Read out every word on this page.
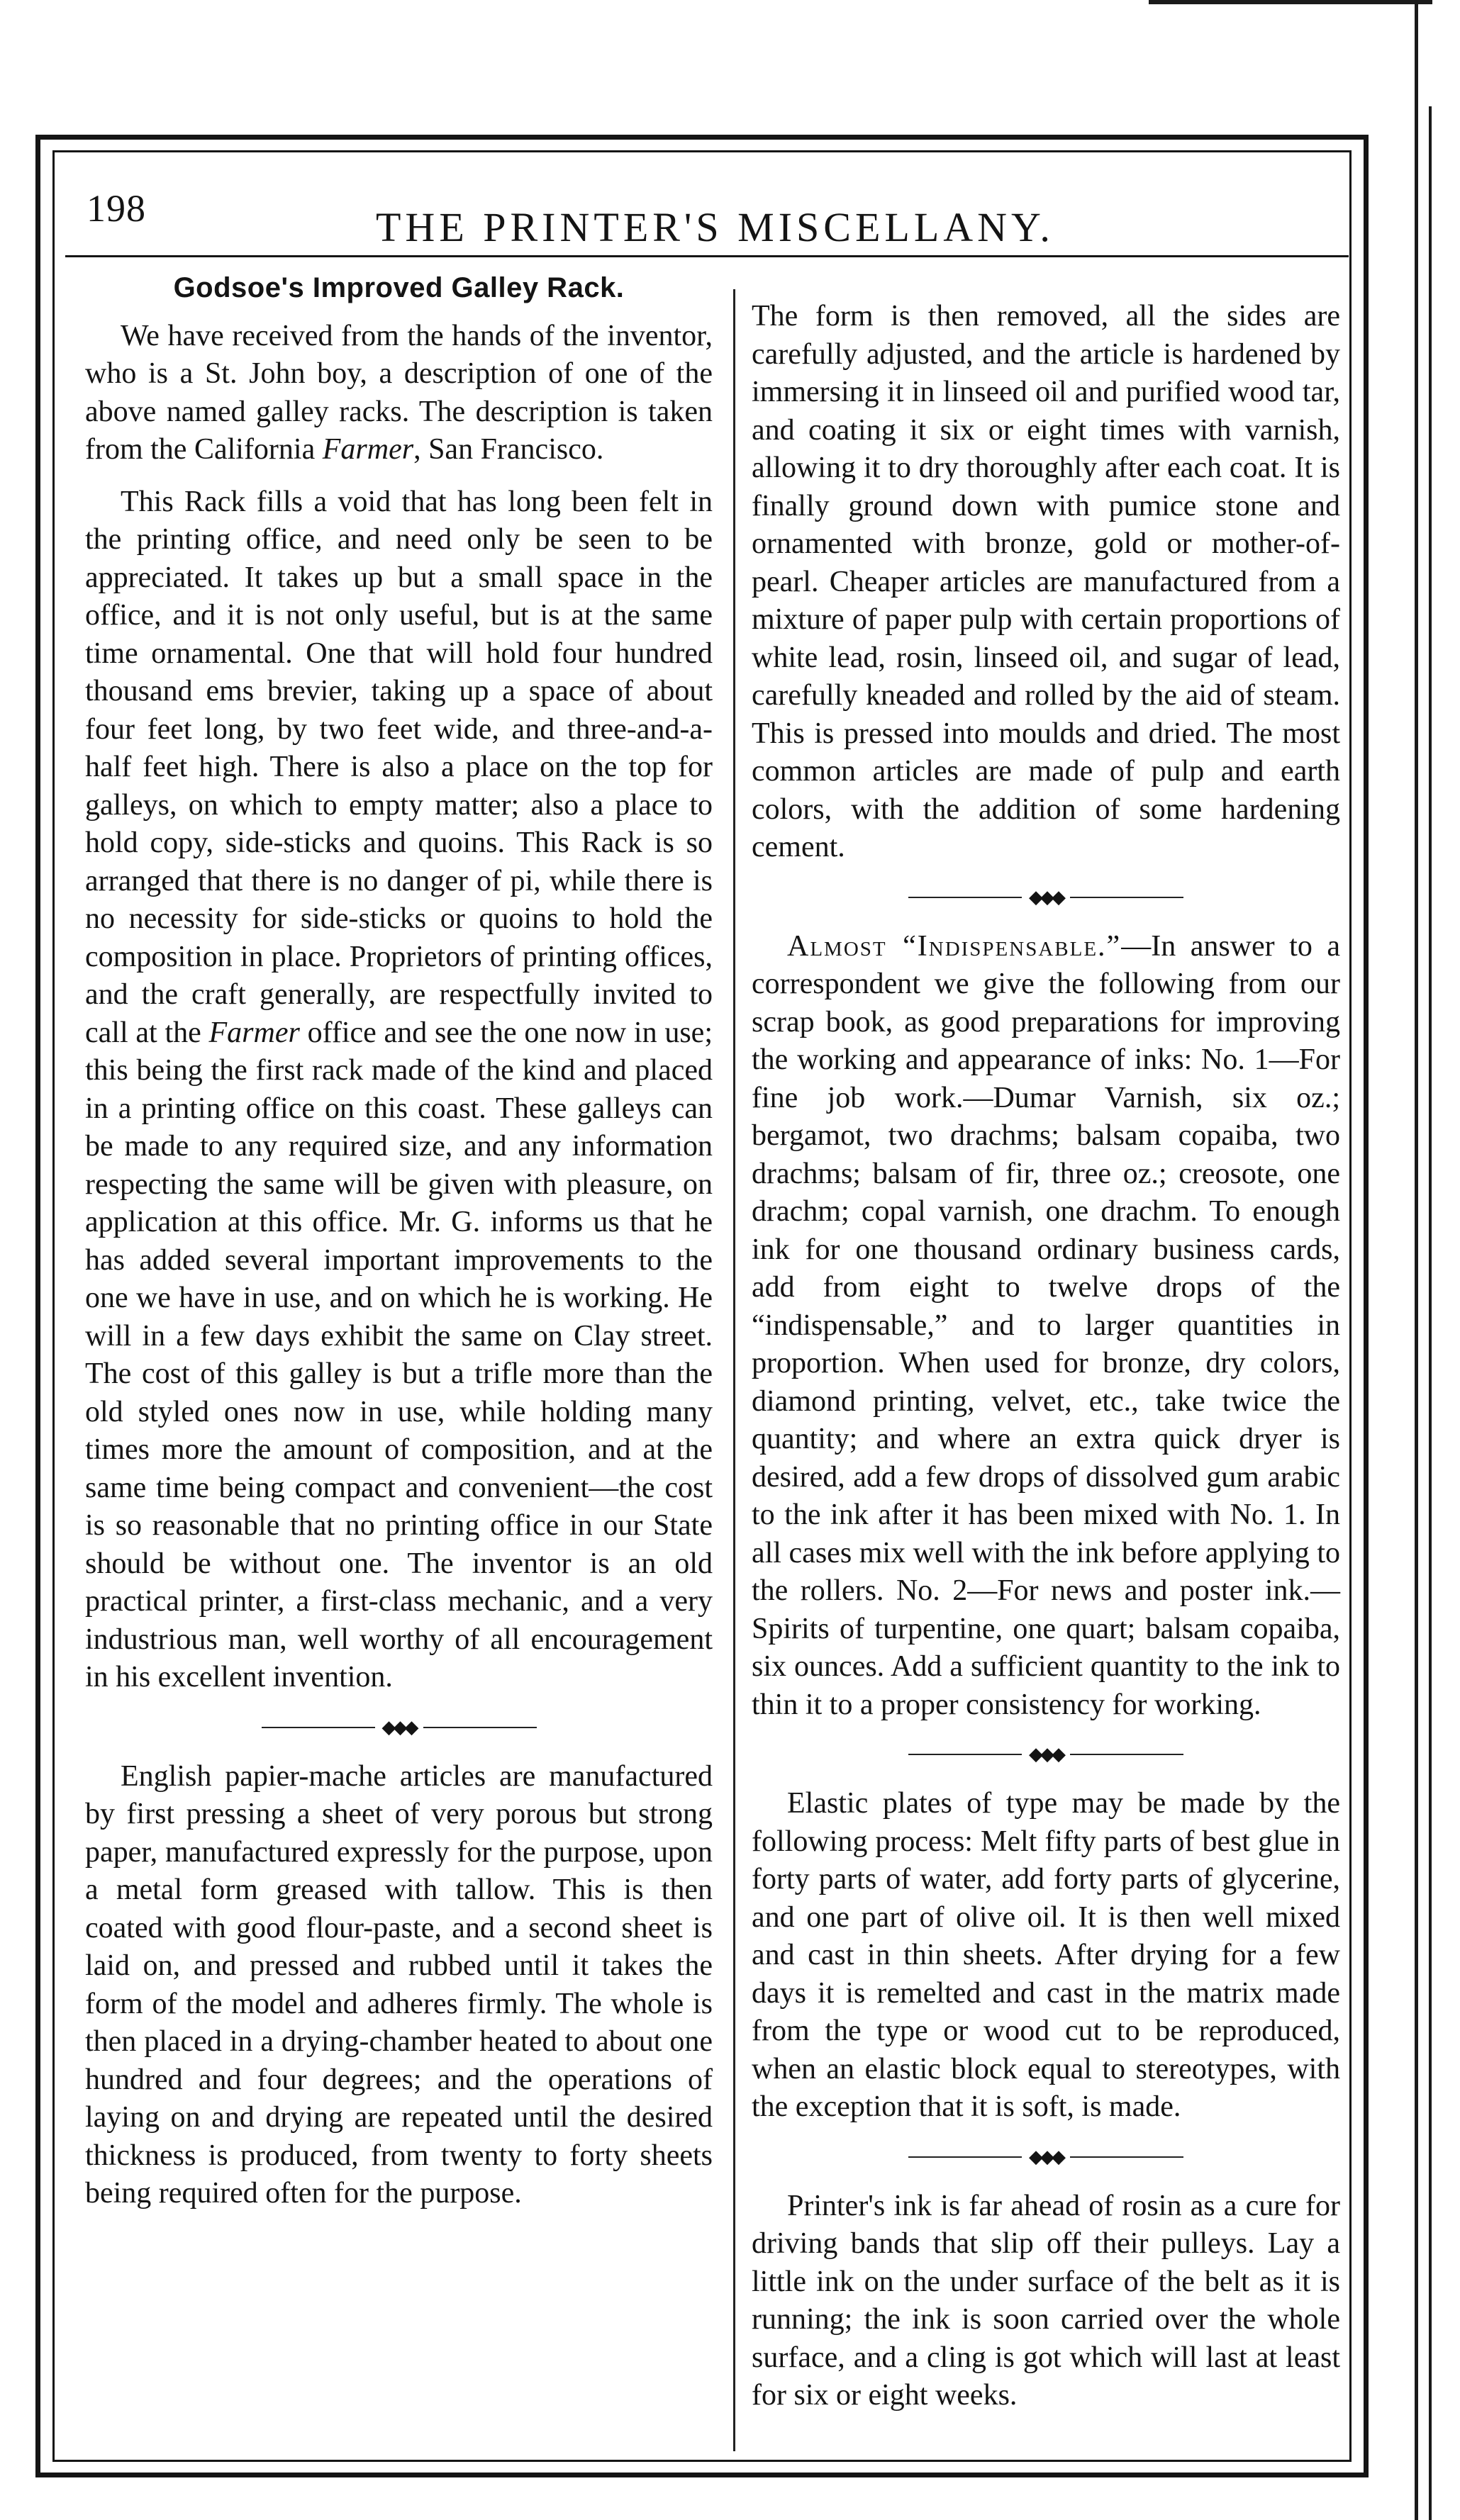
198	THE PRINTER'S MISCELLANY.
Godsoe's Improved Galley Rack.

We have received from the hands of the inventor, who is a St. John boy, a description of one of the above named galley racks. The description is taken from the California Farmer, San Francisco.

This Rack fills a void that has long been felt in the printing office, and need only be seen to be appreciated. It takes up but a small space in the office, and it is not only useful, but is at the same time ornamental. One that will hold four hundred thousand ems brevier, taking up a space of about four feet long, by two feet wide, and three-and-a-half feet high. There is also a place on the top for galleys, on which to empty matter; also a place to hold copy, side-sticks and quoins. This Rack is so arranged that there is no danger of pi, while there is no necessity for side-sticks or quoins to hold the composition in place. Proprietors of printing offices, and the craft generally, are respectfully invited to call at the Farmer office and see the one now in use; this being the first rack made of the kind and placed in a printing office on this coast. These galleys can be made to any required size, and any information respecting the same will be given with pleasure, on application at this office. Mr. G. informs us that he has added several important improvements to the one we have in use, and on which he is working. He will in a few days exhibit the same on Clay street. The cost of this galley is but a trifle more than the old styled ones now in use, while holding many times more the amount of composition, and at the same time being compact and convenient—the cost is so reasonable that no printing office in our State should be without one. The inventor is an old practical printer, a first-class mechanic, and a very industrious man, well worthy of all encouragement in his excellent invention.

◆◆◆

English papier-mache articles are manufactured by first pressing a sheet of very porous but strong paper, manufactured expressly for the purpose, upon a metal form greased with tallow. This is then coated with good flour-paste, and a second sheet is laid on, and pressed and rubbed until it takes the form of the model and adheres firmly. The whole is then placed in a drying-chamber heated to about one hundred and four degrees; and the operations of laying on and drying are repeated until the desired thickness is produced, from twenty to forty sheets being required often for the purpose.

The form is then removed, all the sides are carefully adjusted, and the article is hardened by immersing it in linseed oil and purified wood tar, and coating it six or eight times with varnish, allowing it to dry thoroughly after each coat. It is finally ground down with pumice stone and ornamented with bronze, gold or mother-of-pearl. Cheaper articles are manufactured from a mixture of paper pulp with certain proportions of white lead, rosin, linseed oil, and sugar of lead, carefully kneaded and rolled by the aid of steam. This is pressed into moulds and dried. The most common articles are made of pulp and earth colors, with the addition of some hardening cement.

◆◆◆

Almost “Indispensable.”—In answer to a correspondent we give the following from our scrap book, as good preparations for improving the working and appearance of inks: No. 1—For fine job work.—Dumar Varnish, six oz.; bergamot, two drachms; balsam copaiba, two drachms; balsam of fir, three oz.; creosote, one drachm; copal varnish, one drachm. To enough ink for one thousand ordinary business cards, add from eight to twelve drops of the “indispensable,” and to larger quantities in proportion. When used for bronze, dry colors, diamond printing, velvet, etc., take twice the quantity; and where an extra quick dryer is desired, add a few drops of dissolved gum arabic to the ink after it has been mixed with No. 1. In all cases mix well with the ink before applying to the rollers. No. 2—For news and poster ink.—Spirits of turpentine, one quart; balsam copaiba, six ounces. Add a sufficient quantity to the ink to thin it to a proper consistency for working.

◆◆◆

Elastic plates of type may be made by the following process: Melt fifty parts of best glue in forty parts of water, add forty parts of glycerine, and one part of olive oil. It is then well mixed and cast in thin sheets. After drying for a few days it is remelted and cast in the matrix made from the type or wood cut to be reproduced, when an elastic block equal to stereotypes, with the exception that it is soft, is made.

◆◆◆

Printer's ink is far ahead of rosin as a cure for driving bands that slip off their pulleys. Lay a little ink on the under surface of the belt as it is running; the ink is soon carried over the whole surface, and a cling is got which will last at least for six or eight weeks.
